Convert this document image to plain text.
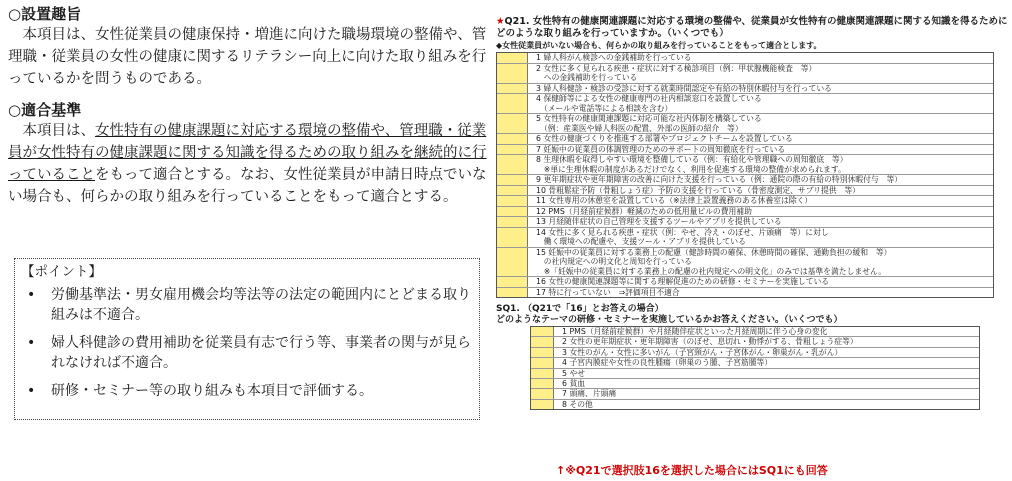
○設置趣旨

本項目は、女性従業員の健康保持・増進に向けた職場環境の整備や、管理職・従業員の女性の健康に関するリテラシー向上に向けた取り組みを行っているかを問うものである。

○適合基準

本項目は、女性特有の健康課題に対応する環境の整備や、管理職・従業員が女性特有の健康課題に関する知識を得るための取り組みを継続的に行っていることをもって適合とする。なお、女性従業員が申請日時点でいない場合も、何らかの取り組みを行っていることをもって適合とする。

【ポイント】
• 労働基準法・男女雇用機会均等法等の法定の範囲内にとどまる取り組みは不適合。
• 婦人科健診の費用補助を従業員有志で行う等、事業者の関与が見られなければ不適合。
• 研修・セミナー等の取り組みも本項目で評価する。

★Q21. 女性特有の健康関連課題に対応する環境の整備や、従業員が女性特有の健康関連課題に関する知識を得るためにどのような取り組みを行っていますか。（いくつでも）

◆女性従業員がいない場合も、何らかの取り組みを行っていることをもって適合とします。

1 婦人科がん検診への金銭補助を行っている
2 女性に多く見られる疾患・症状に対する検診項目（例：甲状腺機能検査　等）
　への金銭補助を行っている
3 婦人科健診・検診の受診に対する就業時間認定や有給の特別休暇付与を行っている
4 保健師等による女性の健康専門の社内相談窓口を設置している
　（メールや電話等による相談を含む）
5 女性特有の健康関連課題に対応可能な社内体制を構築している
　（例：産業医や婦人科医の配置、外部の医師の紹介　等）
6 女性の健康づくりを推進する部署やプロジェクトチームを設置している
7 妊娠中の従業員の体調管理のためのサポートの周知徹底を行っている
8 生理休暇を取得しやすい環境を整備している（例：有給化や管理職への周知徹底　等）
　※単に生理休暇の制度があるだけでなく、利用を促進する環境の整備が求められます。
9 更年期症状や更年期障害の改善に向けた支援を行っている（例：通院の際の有給の特別休暇付与　等）
10 骨粗鬆症予防（骨粗しょう症）予防の支援を行っている（骨密度測定、サプリ提供　等）
11 女性専用の休憩室を設置している（※法律上設置義務のある休養室は除く）
12 PMS（月経前症候群）軽減のための低用量ピルの費用補助
13 月経随伴症状の自己管理を支援するツールやアプリを提供している
14 女性に多く見られる疾患・症状（例：やせ、冷え・のぼせ、片頭痛　等）に対し
　働く環境への配慮や、支援ツール・アプリを提供している
15 妊娠中の従業員に対する業務上の配慮（健診時間の確保、休憩時間の確保、通勤負担の緩和　等）
　の社内規定への明文化と周知を行っている
　※「妊娠中の従業員に対する業務上の配慮の社内規定への明文化」のみでは基準を満たしません。
16 女性の健康関連課題等に関する理解促進のための研修・セミナーを実施している
17 特に行っていない　⇒評価項目不適合

SQ1. （Q21で「16」とお答えの場合）

どのようなテーマの研修・セミナーを実施しているかお答えください。（いくつでも）

1 PMS（月経前症候群）や月経随伴症状といった月経周期に伴う心身の変化
2 女性の更年期症状・更年期障害（のぼせ、息切れ・動悸がする、骨粗しょう症等）
3 女性のがん・女性に多いがん（子宮頸がん・子宮体がん・卵巣がん・乳がん）
4 子宮内膜症や女性の良性腫瘍（卵巣のう腫、子宮筋腫等）
5 やせ
6 貧血
7 頭痛、片頭痛
8 その他
↑※Q21で選択肢16を選択した場合にはSQ1にも回答
